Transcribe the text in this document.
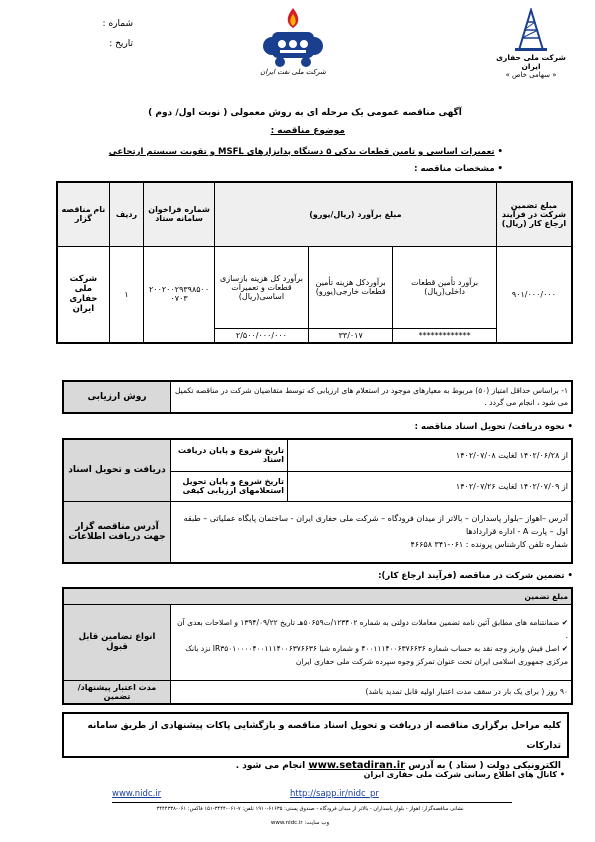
شماره :
تاریخ :
شرکت ملی نفت ایران
شرکت ملی حفاری ایران
« سهامی خاص »
آگهی مناقصه عمومی یک مرحله ای به روش معمولی ( نوبت اول/ دوم )
موضوع مناقصه :
• تعمیرات اساسی و تامین قطعات یدکی ۵ دستگاه پدابزارهای MSFL و تقویت سیستم ارتجاعی
• مشخصات مناقصه :
نام مناقصه گزار	ردیف	شماره فراخوان سامانه ستاد	مبلغ برآورد (ریال/یورو)			مبلغ تضمین شرکت در فرآیند ارجاع کار (ریال)
شرکت ملی حفاری ایران	۱	۲۰۰۲۰۰۲۹۳۹۸۵۰۰۰۷۰۳	برآورد کل هزینه بازسازی قطعات و تعمیرات اساسی(ریال)	برآوردکل هزینه تأمین قطعات خارجی(یورو)	برآورد تأمین قطعات داخلی(ریال)	۹۰۱/۰۰۰/۰۰۰
			۲/۵۰۰/۰۰۰/۰۰۰	۳۳/۰۱۷	*************	
روش ارزیابی	۱- براساس حداقل امتیاز (۵۰) مربوط به معیارهای موجود در استعلام های ارزیابی که توسط متقاضیان شرکت در مناقصه تکمیل می شود ، انجام می گردد .
• نحوه دریافت/ تحویل اسناد مناقصه :
دریافت و تحویل اسناد	تاریخ شروع و پایان دریافت اسناد	از ۱۴۰۲/۰۶/۲۸ لغایت ۱۴۰۲/۰۷/۰۸
	تاریخ شروع و پایان تحویل استعلامهای ارزیابی کیفی	از ۱۴۰۲/۰۷/۰۹ لغایت ۱۴۰۲/۰۷/۲۶
آدرس مناقصه گزار جهت دریافت اطلاعات	آدرس –اهواز –بلوار پاسداران – بالاتر از میدان فرودگاه – شرکت ملی حفاری ایران - ساختمان پایگاه عملیاتی – طبقه اول – پارت A - اداره قراردادها
شماره تلفن کارشناس پرونده : ۰۶۱-۳۴۱ ۴۶۶۵۸	
• تضمین شرکت در مناقصه (فرآیند ارجاع کار):
مبلغ تضمین	
انواع تضامین قابل قبول	✔ ضمانتنامه های مطابق آئین نامه تضمین معاملات دولتی به شماره ۱۲۳۴۰۲/ت۵۰۶۵۹هـ تاریخ ۱۳۹۴/۰۹/۲۲ و اصلاحات بعدی آن .
✔ اصل فیش واریز وجه نقد به حساب شماره ۴۰۰۱۱۱۴۰۰۶۳۷۶۶۳۶ و شماره شبا IR۳۵۰۱۰۰۰۰۴۰۰۱۱۱۴۰۰۶۳۷۶۶۳۶ نزد بانک مرکزی جمهوری اسلامی ایران تحت عنوان تمرکز وجوه سپرده شرکت ملی حفاری ایران

مدت اعتبار پیشنهاد/ تضمین	۹۰ روز ( برای یک بار در سقف مدت اعتبار اولیه قابل تمدید باشد)
کلیه مراحل برگزاری مناقصه از دریافت و تحویل اسناد مناقصه و بازگشایی پاکات پیشنهادی از طریق سامانه تدارکات
الکترونیکی دولت ( ستاد ) به آدرس www.setadiran.ir انجام می شود .
• کانال های اطلاع رسانی شرکت ملی حفاری ایران
www.nidc.ir	http://sapp.ir/nidc_pr
نشانی مناقصه‌گزار: اهواز - بلوار پاسداران - بالاتر از میدان فرودگاه - صندوق پستی: ۶۱۶۳۵-۱۹۱۰ تلفن: ۷-۰۶۱-۳۴۴۴-۱۵۱ فاکس: ۰۶۱-۳۴۴۴۳۳۸
وب سایت: www.nidc.ir
